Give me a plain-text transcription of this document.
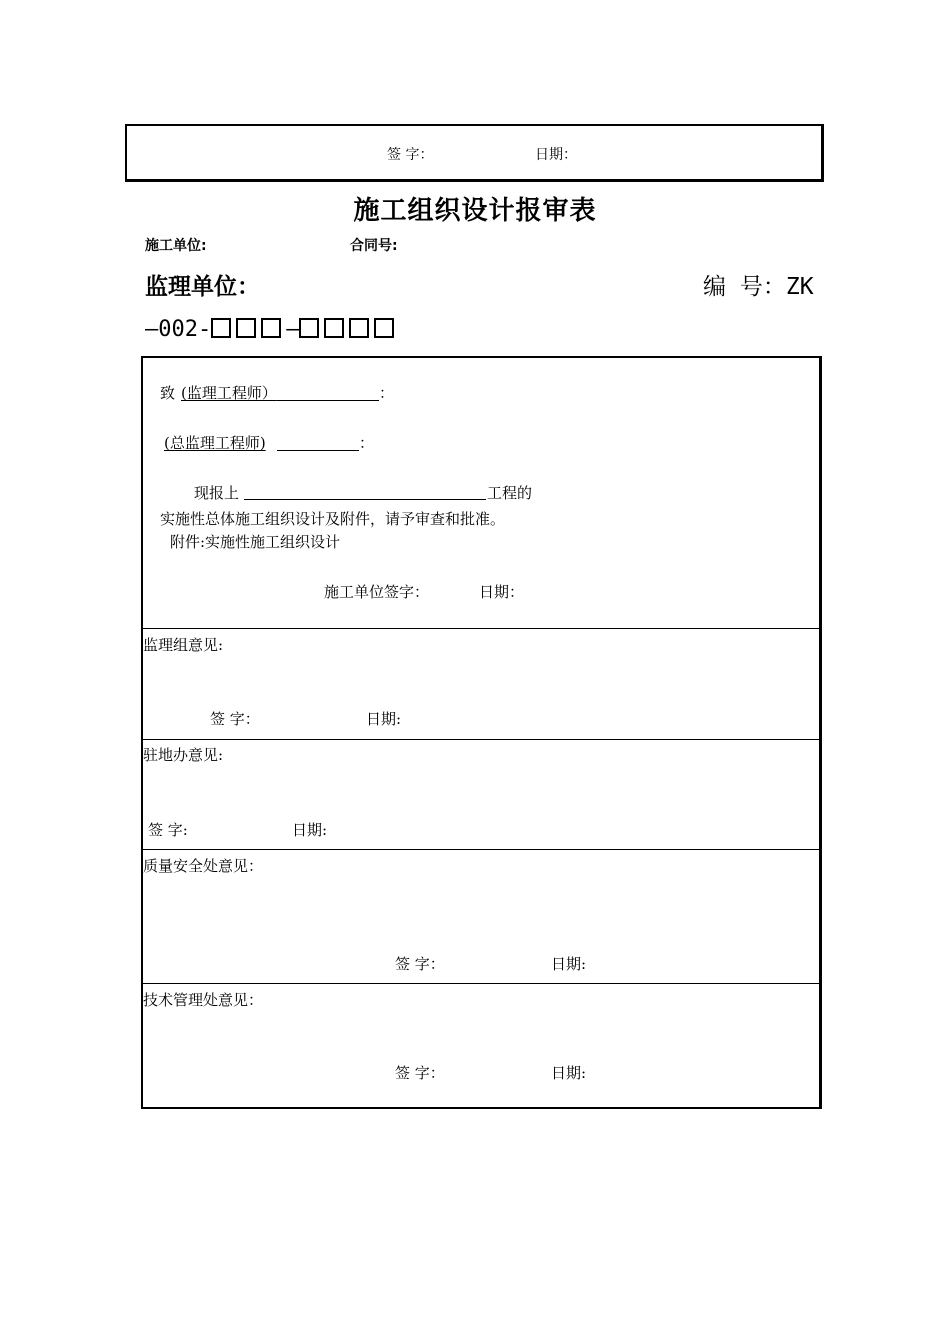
签 字：	日期：
施工组织设计报审表
施工单位:	合同号:
监理单位：	编 号：ZK
—002-	—
致 (监理工程师）	：
(总监理工程师)	：
现报上	工程的
实施性总体施工组织设计及附件，请予审查和批准。
附件:实施性施工组织设计
施工单位签字：	日期：
监理组意见:
签 字：	日期:
驻地办意见:
签 字:	日期:
质量安全处意见：
签 字：	日期:
技术管理处意见：
签 字：	日期:
